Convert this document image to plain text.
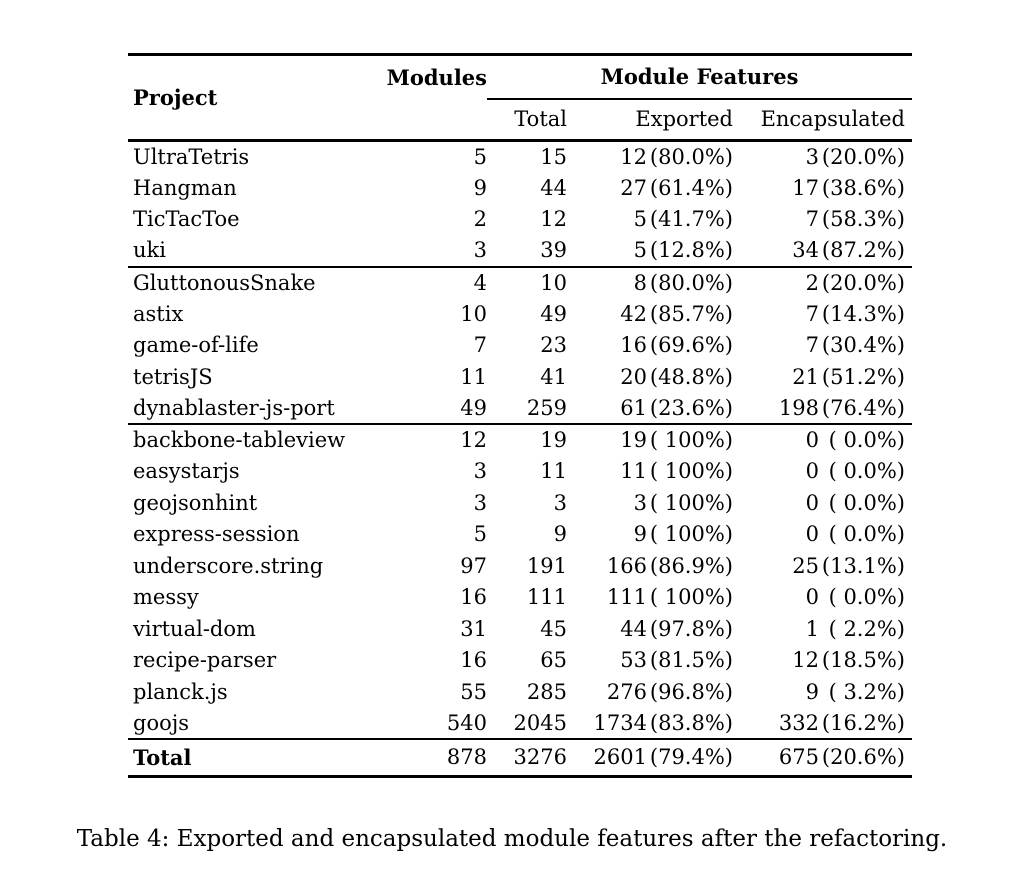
Project	Modules	Module Features		
		Total	Exported	Encapsulated
UltraTetris	5	15	12 (80.0%)	3 (20.0%)
Hangman	9	44	27 (61.4%)	17 (38.6%)
TicTacToe	2	12	5 (41.7%)	7 (58.3%)
uki	3	39	5 (12.8%)	34 (87.2%)
GluttonousSnake	4	10	8 (80.0%)	2 (20.0%)
astix	10	49	42 (85.7%)	7 (14.3%)
game-of-life	7	23	16 (69.6%)	7 (30.4%)
tetrisJS	11	41	20 (48.8%)	21 (51.2%)
dynablaster-js-port	49	259	61 (23.6%)	198 (76.4%)
backbone-tableview	12	19	19 ( 100%)	0 ( 0.0%)
easystarjs	3	11	11 ( 100%)	0 ( 0.0%)
geojsonhint	3	3	3 ( 100%)	0 ( 0.0%)
express-session	5	9	9 ( 100%)	0 ( 0.0%)
underscore.string	97	191	166 (86.9%)	25 (13.1%)
messy	16	111	111 ( 100%)	0 ( 0.0%)
virtual-dom	31	45	44 (97.8%)	1 ( 2.2%)
recipe-parser	16	65	53 (81.5%)	12 (18.5%)
planck.js	55	285	276 (96.8%)	9 ( 3.2%)
goojs	540	2045	1734 (83.8%)	332 (16.2%)
Total	878	3276	2601 (79.4%)	675 (20.6%)
Table 4: Exported and encapsulated module features after the refactoring.
